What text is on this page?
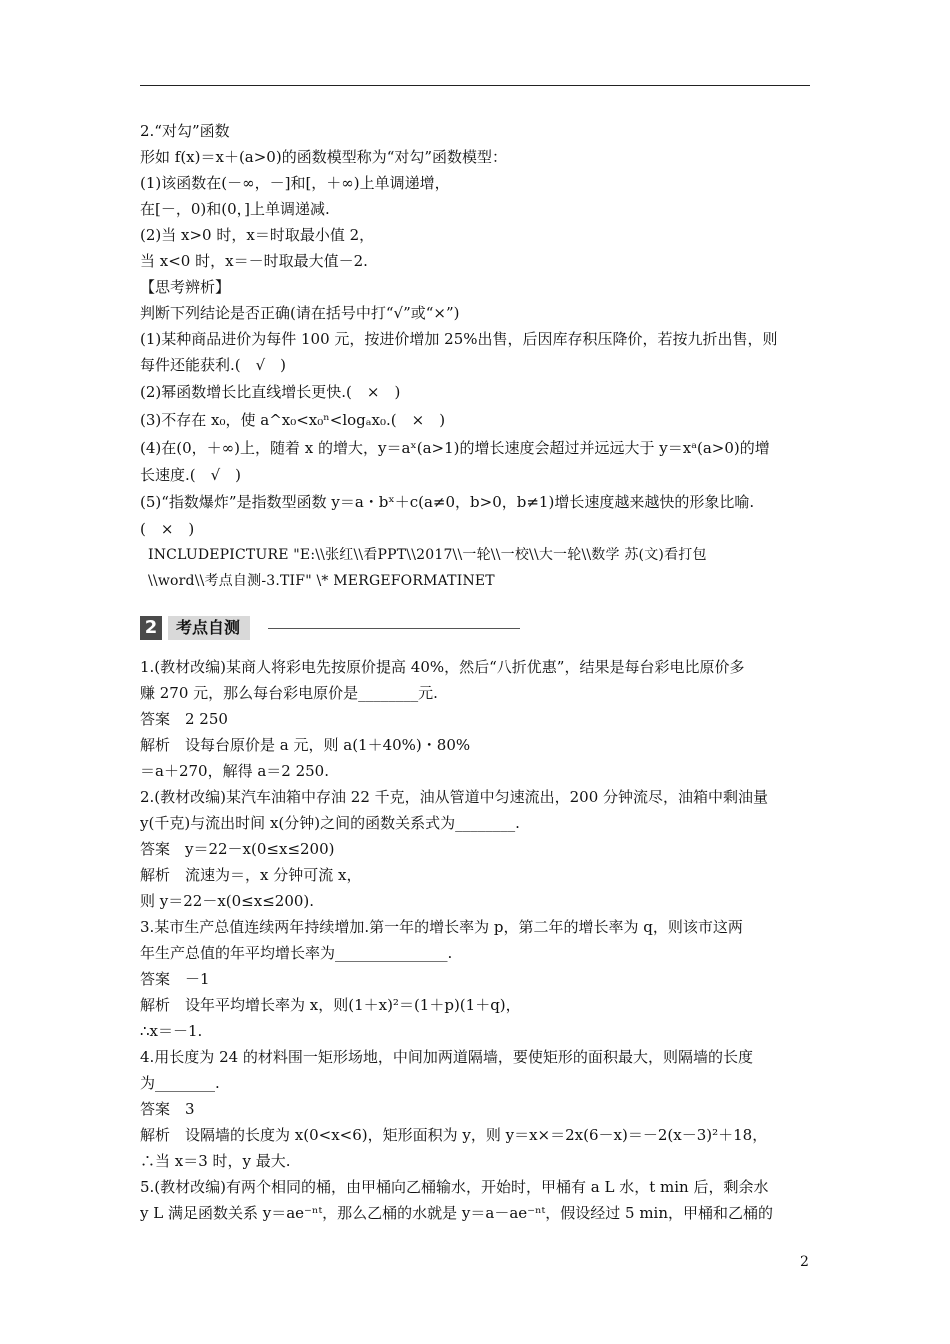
2.“对勾”函数
形如 f(x)＝x＋(a>0)的函数模型称为“对勾”函数模型：
(1)该函数在(－∞，－]和[，＋∞)上单调递增，
在[－，0)和(0，]上单调递减.
(2)当 x>0 时，x＝时取最小值 2，
当 x<0 时，x＝－时取最大值－2.
【思考辨析】
判断下列结论是否正确(请在括号中打“√”或“×”)
(1)某种商品进价为每件 100 元，按进价增加 25%出售，后因库存积压降价，若按九折出售，则
每件还能获利.(　√　)
(2)幂函数增长比直线增长更快.(　×　)
(3)不存在 x₀，使 a^x₀<x₀ⁿ<logₐx₀.(　×　)
(4)在(0，＋∞)上，随着 x 的增大，y＝aˣ(a>1)的增长速度会超过并远远大于 y＝xᵃ(a>0)的增
长速度.(　√　)
(5)“指数爆炸”是指数型函数 y＝a・bˣ＋c(a≠0，b>0，b≠1)增长速度越来越快的形象比喻.
(　×　)
INCLUDEPICTURE "E:\\张红\\看PPT\\2017\\一轮\\一校\\大一轮\\数学 苏(文)看打包
\\word\\考点自测-3.TIF" \* MERGEFORMATINET
2	考点自测
1.(教材改编)某商人将彩电先按原价提高 40%，然后“八折优惠”，结果是每台彩电比原价多
赚 270 元，那么每台彩电原价是________元.
答案　2 250
解析　设每台原价是 a 元，则 a(1＋40%)・80%
＝a＋270，解得 a＝2 250.
2.(教材改编)某汽车油箱中存油 22 千克，油从管道中匀速流出，200 分钟流尽，油箱中剩油量
y(千克)与流出时间 x(分钟)之间的函数关系式为________.
答案　y＝22－x(0≤x≤200)
解析　流速为＝，x 分钟可流 x，
则 y＝22－x(0≤x≤200).
3.某市生产总值连续两年持续增加.第一年的增长率为 p，第二年的增长率为 q，则该市这两
年生产总值的年平均增长率为_______________.
答案　－1
解析　设年平均增长率为 x，则(1＋x)²＝(1＋p)(1＋q)，
∴x＝－1.
4.用长度为 24 的材料围一矩形场地，中间加两道隔墙，要使矩形的面积最大，则隔墙的长度
为________.
答案　3
解析　设隔墙的长度为 x(0<x<6)，矩形面积为 y，则 y＝x×＝2x(6－x)＝－2(x－3)²＋18，
∴当 x＝3 时，y 最大.
5.(教材改编)有两个相同的桶，由甲桶向乙桶输水，开始时，甲桶有 a L 水，t min 后，剩余水
y L 满足函数关系 y＝ae⁻ⁿᵗ，那么乙桶的水就是 y＝a－ae⁻ⁿᵗ，假设经过 5 min，甲桶和乙桶的
2
